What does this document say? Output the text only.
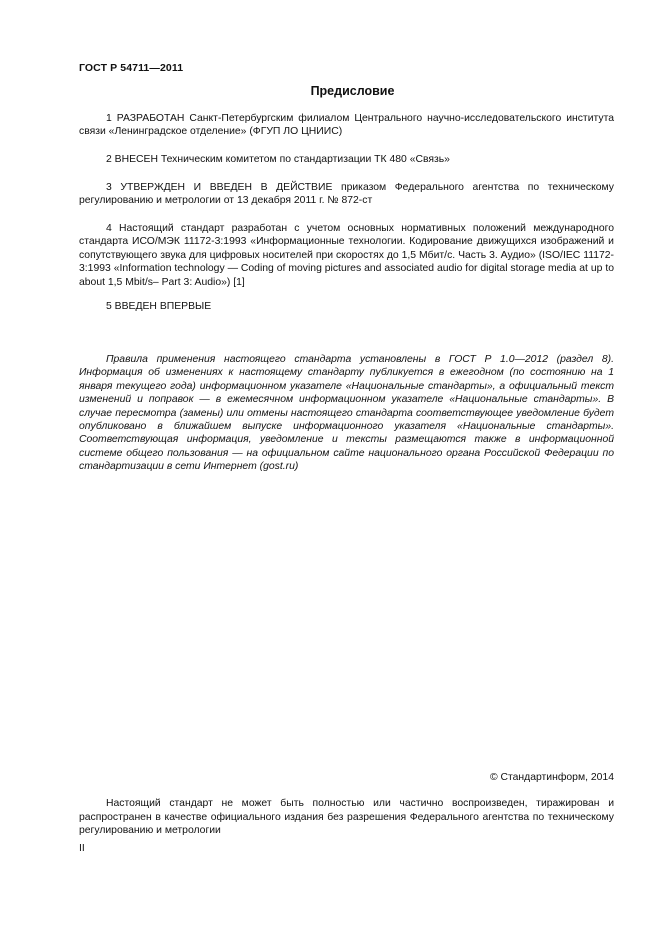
ГОСТ Р 54711—2011
Предисловие

1 РАЗРАБОТАН Санкт-Петербургским филиалом Центрального научно-исследовательского института связи «Ленинградское отделение» (ФГУП ЛО ЦНИИС)

2 ВНЕСЕН Техническим комитетом по стандартизации ТК 480 «Связь»

3 УТВЕРЖДЕН И ВВЕДЕН В ДЕЙСТВИЕ приказом Федерального агентства по техническому регулированию и метрологии от 13 декабря 2011 г. № 872-ст

4 Настоящий стандарт разработан с учетом основных нормативных положений международного стандарта ИСО/МЭК 11172-3:1993 «Информационные технологии. Кодирование движущихся изображений и сопутствующего звука для цифровых носителей при скоростях до 1,5 Мбит/с. Часть 3. Аудио» (ISO/IEC 11172-3:1993 «Information technology — Coding of moving pictures and associated audio for digital storage media at up to about 1,5 Mbit/s– Part 3: Audio») [1]

5 ВВЕДЕН ВПЕРВЫЕ

Правила применения настоящего стандарта установлены в ГОСТ Р 1.0—2012 (раздел 8). Информация об изменениях к настоящему стандарту публикуется в ежегодном (по состоянию на 1 января текущего года) информационном указателе «Национальные стандарты», а официальный текст изменений и поправок — в ежемесячном информационном указателе «Национальные стандарты». В случае пересмотра (замены) или отмены настоящего стандарта соответствующее уведомление будет опубликовано в ближайшем выпуске информационного указателя «Национальные стандарты». Соответствующая информация, уведомление и тексты размещаются также в информационной системе общего пользования — на официальном сайте национального органа Российской Федерации по стандартизации в сети Интернет (gost.ru)

© Стандартинформ, 2014

Настоящий стандарт не может быть полностью или частично воспроизведен, тиражирован и распространен в качестве официального издания без разрешения Федерального агентства по техническому регулированию и метрологии

II
